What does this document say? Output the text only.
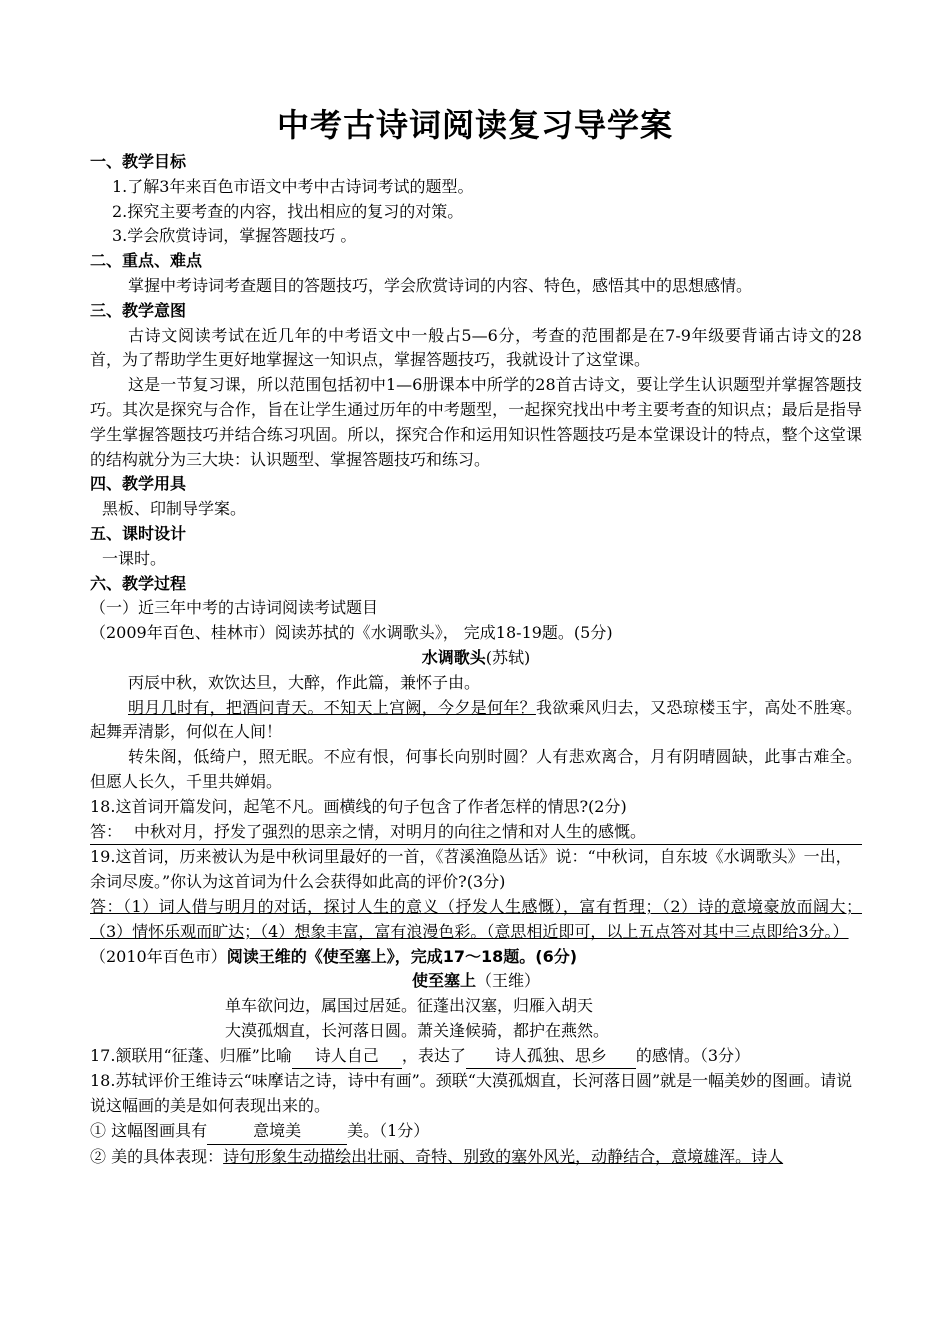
中考古诗词阅读复习导学案

一、教学目标

1.了解3年来百色市语文中考中古诗词考试的题型。

2.探究主要考查的内容，找出相应的复习的对策。

3.学会欣赏诗词，掌握答题技巧 。

二、重点、难点

掌握中考诗词考查题目的答题技巧，学会欣赏诗词的内容、特色，感悟其中的思想感情。

三、教学意图

古诗文阅读考试在近几年的中考语文中一般占5—6分，考查的范围都是在7-9年级要背诵古诗文的28首，为了帮助学生更好地掌握这一知识点，掌握答题技巧，我就设计了这堂课。

这是一节复习课，所以范围包括初中1—6册课本中所学的28首古诗文，要让学生认识题型并掌握答题技巧。其次是探究与合作，旨在让学生通过历年的中考题型，一起探究找出中考主要考查的知识点；最后是指导学生掌握答题技巧并结合练习巩固。所以，探究合作和运用知识性答题技巧是本堂课设计的特点，整个这堂课的结构就分为三大块：认识题型、掌握答题技巧和练习。

四、教学用具

黑板、印制导学案。

五、课时设计

一课时。

六、教学过程

（一）近三年中考的古诗词阅读考试题目

（2009年百色、桂林市）阅读苏拭的《水调歌头》， 完成18-19题。(5分)

水调歌头(苏轼)

丙辰中秋，欢饮达旦，大醉，作此篇，兼怀子由。

明月几时有，把酒问青天。不知天上宫阙，今夕是何年？我欲乘风归去，又恐琼楼玉宇，高处不胜寒。起舞弄清影，何似在人间！

转朱阁，低绮户，照无眠。不应有恨，何事长向别时圆？人有悲欢离合，月有阴晴圆缺，此事古难全。但愿人长久，千里共婵娟。

18.这首词开篇发问，起笔不凡。画横线的句子包含了作者怎样的情思?(2分)

答： 中秋对月，抒发了强烈的思亲之情，对明月的向往之情和对人生的感慨。

19.这首词，历来被认为是中秋词里最好的一首，《苕溪渔隐丛话》说：“中秋词，自东坡《水调歌头》一出，余词尽废。”你认为这首词为什么会获得如此高的评价?(3分)

答：（1）词人借与明月的对话，探讨人生的意义（抒发人生感慨），富有哲理；（2）诗的意境豪放而阔大；（3）情怀乐观而旷达；（4）想象丰富，富有浪漫色彩。（意思相近即可，以上五点答对其中三点即给3分。）

（2010年百色市）阅读王维的《使至塞上》，完成17～18题。(6分)

使至塞上（王维）

单车欲问边，属国过居延。征蓬出汉塞，归雁入胡天

大漠孤烟直，长河落日圆。萧关逢候骑，都护在燕然。

17.颔联用“征蓬、归雁”比喻 诗人自己 ，表达了 诗人孤独、思乡 的感情。（3分）

18.苏轼评价王维诗云“味摩诘之诗，诗中有画”。颈联“大漠孤烟直，长河落日圆”就是一幅美妙的图画。请说说这幅画的美是如何表现出来的。

① 这幅图画具有	意境美	美。（1分）

② 美的具体表现：诗句形象生动描绘出壮丽、奇特、别致的塞外风光，动静结合，意境雄浑。诗人
